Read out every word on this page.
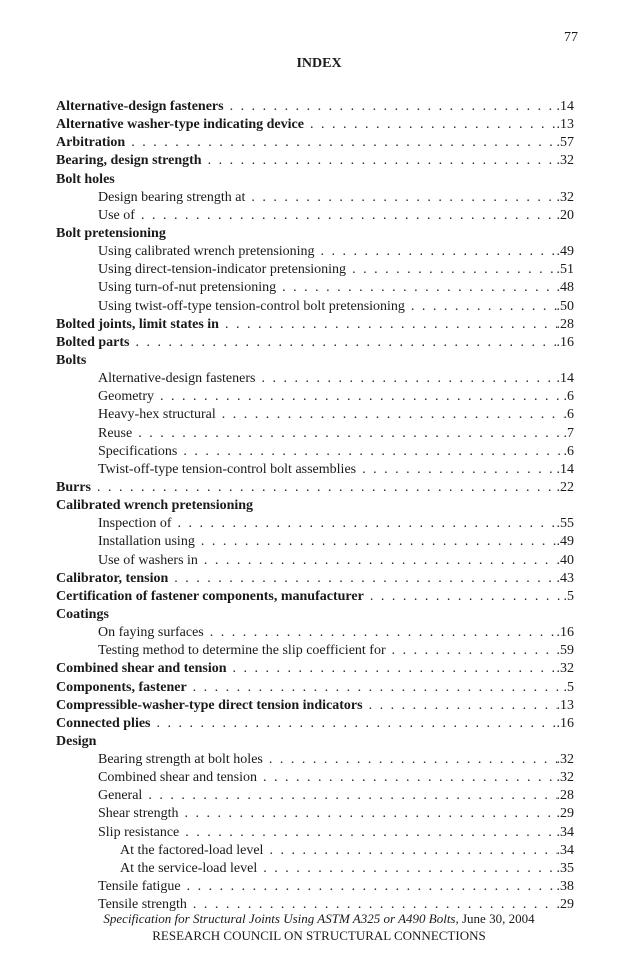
77
INDEX
Alternative-design fasteners . . .	.14
Alternative washer-type indicating device . . .	.13
Arbitration . . .	.57
Bearing, design strength . . .	.32
Bolt holes
Design bearing strength at . . .	.32
Use of . . .	.20
Bolt pretensioning
Using calibrated wrench pretensioning . . .	.49
Using direct-tension-indicator pretensioning . . .	.51
Using turn-of-nut pretensioning . . .	.48
Using twist-off-type tension-control bolt pretensioning . . .	.50
Bolted joints, limit states in . . .	.28
Bolted parts . . .	.16
Bolts
Alternative-design fasteners . . .	.14
Geometry . . .	.6
Heavy-hex structural . . .	.6
Reuse . . .	.7
Specifications . . .	.6
Twist-off-type tension-control bolt assemblies . . .	.14
Burrs . . .	.22
Calibrated wrench pretensioning
Inspection of . . .	.55
Installation using . . .	.49
Use of washers in . . .	.40
Calibrator, tension . . .	.43
Certification of fastener components, manufacturer . . .	.5
Coatings
On faying surfaces . . .	.16
Testing method to determine the slip coefficient for . . .	.59
Combined shear and tension . . .	.32
Components, fastener . . .	.5
Compressible-washer-type direct tension indicators . . .	.13
Connected plies . . .	.16
Design
Bearing strength at bolt holes . . .	.32
Combined shear and tension . . .	.32
General . . .	.28
Shear strength . . .	.29
Slip resistance . . .	.34
At the factored-load level . . .	.34
At the service-load level . . .	.35
Tensile fatigue . . .	.38
Tensile strength . . .	.29
Specification for Structural Joints Using ASTM A325 or A490 Bolts, June 30, 2004
RESEARCH COUNCIL ON STRUCTURAL CONNECTIONS
